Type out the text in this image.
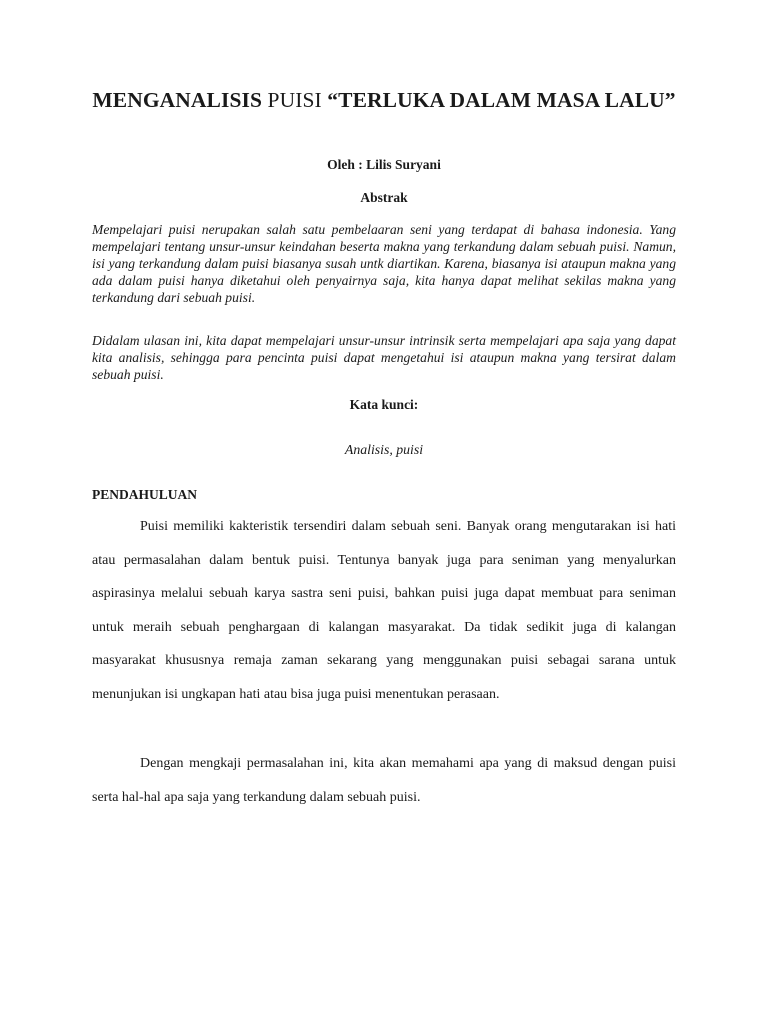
MENGANALISIS PUISI “TERLUKA DALAM MASA LALU”
Oleh : Lilis Suryani
Abstrak

Mempelajari puisi nerupakan salah satu pembelaaran seni yang terdapat di bahasa indonesia. Yang mempelajari tentang unsur-unsur keindahan beserta makna yang terkandung dalam sebuah puisi. Namun, isi yang terkandung dalam puisi biasanya susah untk diartikan. Karena, biasanya isi ataupun makna yang ada dalam puisi hanya diketahui oleh penyairnya saja, kita hanya dapat melihat sekilas makna yang terkandung dari sebuah puisi.

Didalam ulasan ini, kita dapat mempelajari unsur-unsur intrinsik serta mempelajari apa saja yang dapat kita analisis, sehingga para pencinta puisi dapat mengetahui isi ataupun makna yang tersirat dalam sebuah puisi.

Kata kunci:
Analisis, puisi
PENDAHULUAN

Puisi memiliki kakteristik tersendiri dalam sebuah seni. Banyak orang mengutarakan isi hati atau permasalahan dalam bentuk puisi. Tentunya banyak juga para seniman yang menyalurkan aspirasinya melalui sebuah karya sastra seni puisi, bahkan puisi juga dapat membuat para seniman untuk meraih sebuah penghargaan di kalangan masyarakat. Da tidak sedikit juga di kalangan masyarakat khususnya remaja zaman sekarang yang menggunakan puisi sebagai sarana untuk menunjukan isi ungkapan hati atau bisa juga puisi menentukan perasaan.

Dengan mengkaji permasalahan ini, kita akan memahami apa yang di maksud dengan puisi serta hal-hal apa saja yang terkandung dalam sebuah puisi.
